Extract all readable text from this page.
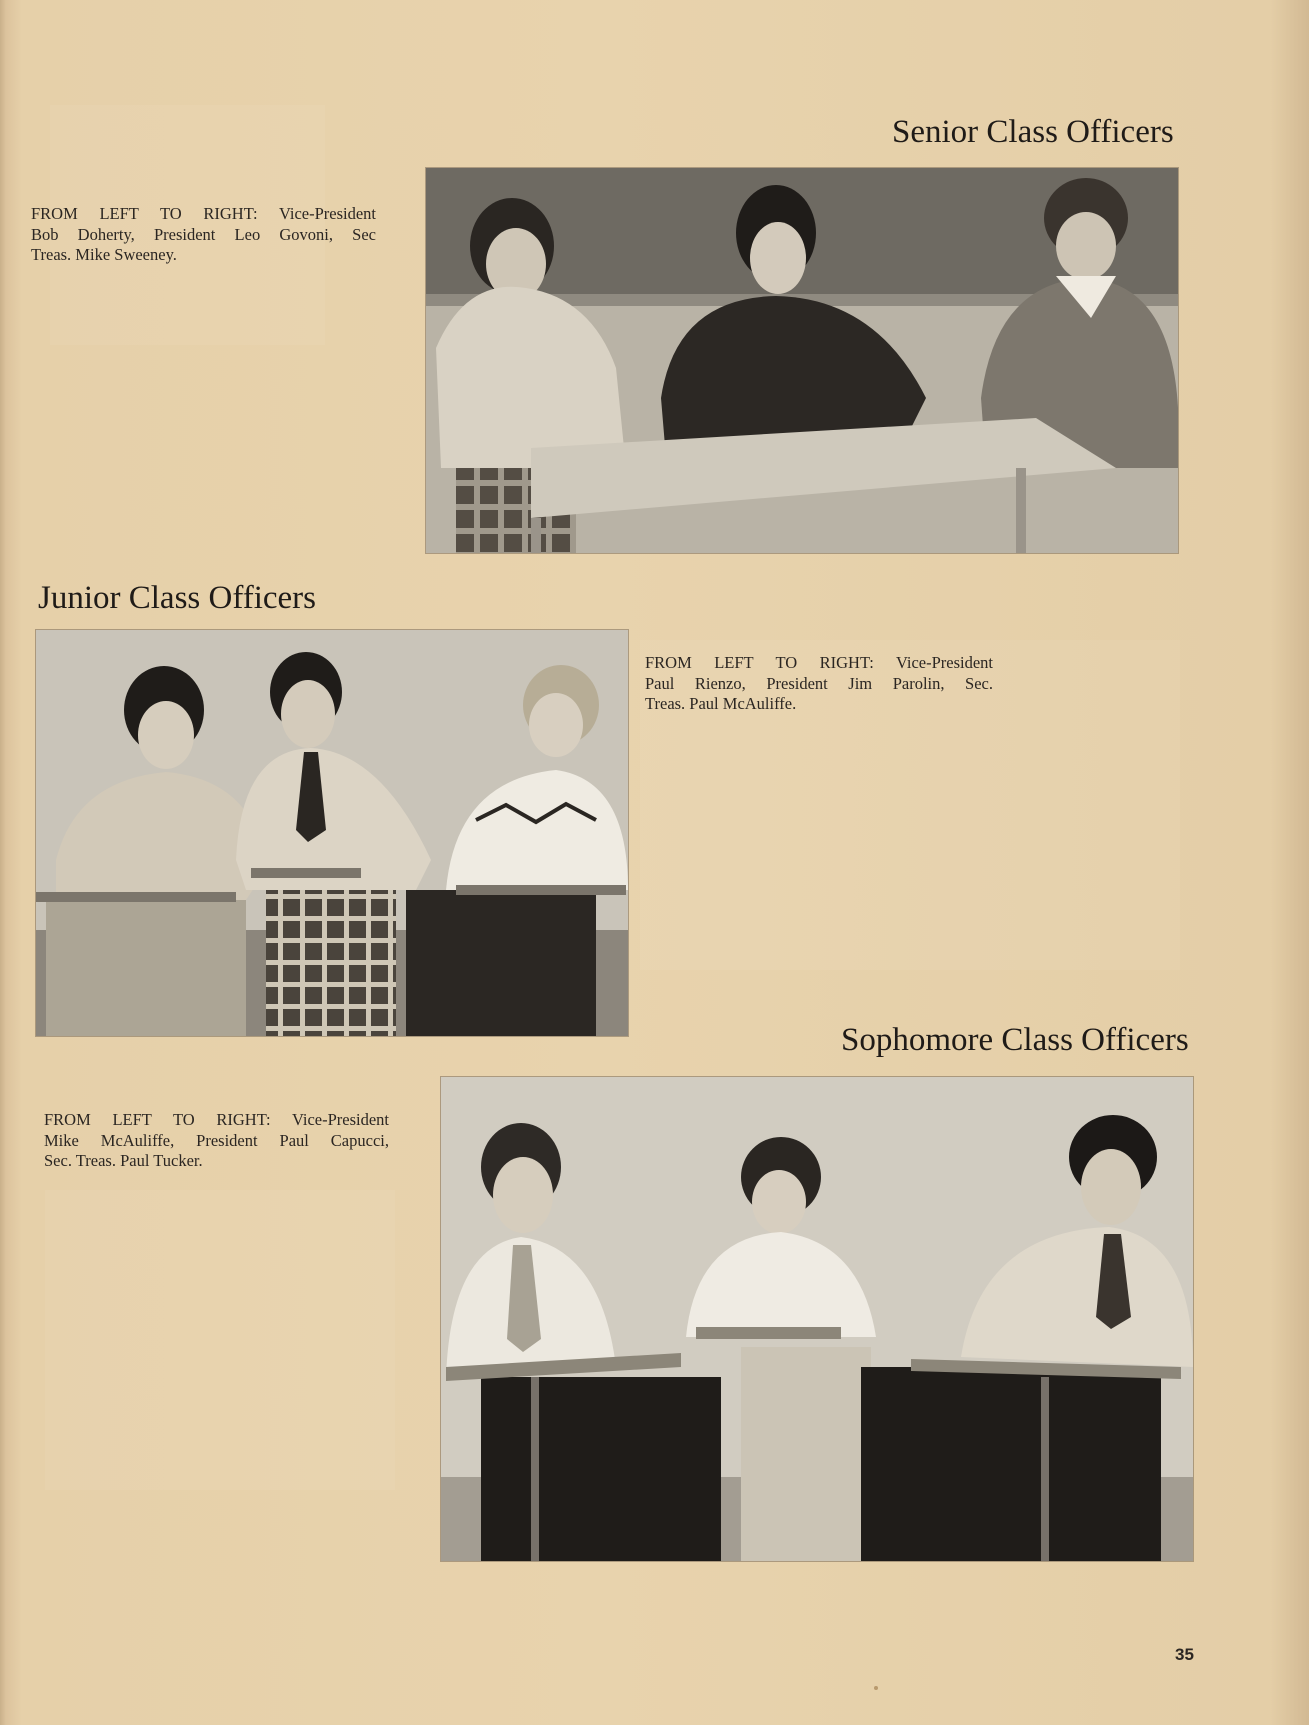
Senior Class Officers

FROM LEFT TO RIGHT: Vice-President
Bob Doherty, President Leo Govoni, Sec
Treas. Mike Sweeney.

Junior Class Officers

FROM LEFT TO RIGHT: Vice-President
Paul Rienzo, President Jim Parolin, Sec.
Treas. Paul McAuliffe.

Sophomore Class Officers

FROM LEFT TO RIGHT: Vice-President
Mike McAuliffe, President Paul Capucci,
Sec. Treas. Paul Tucker.

35
